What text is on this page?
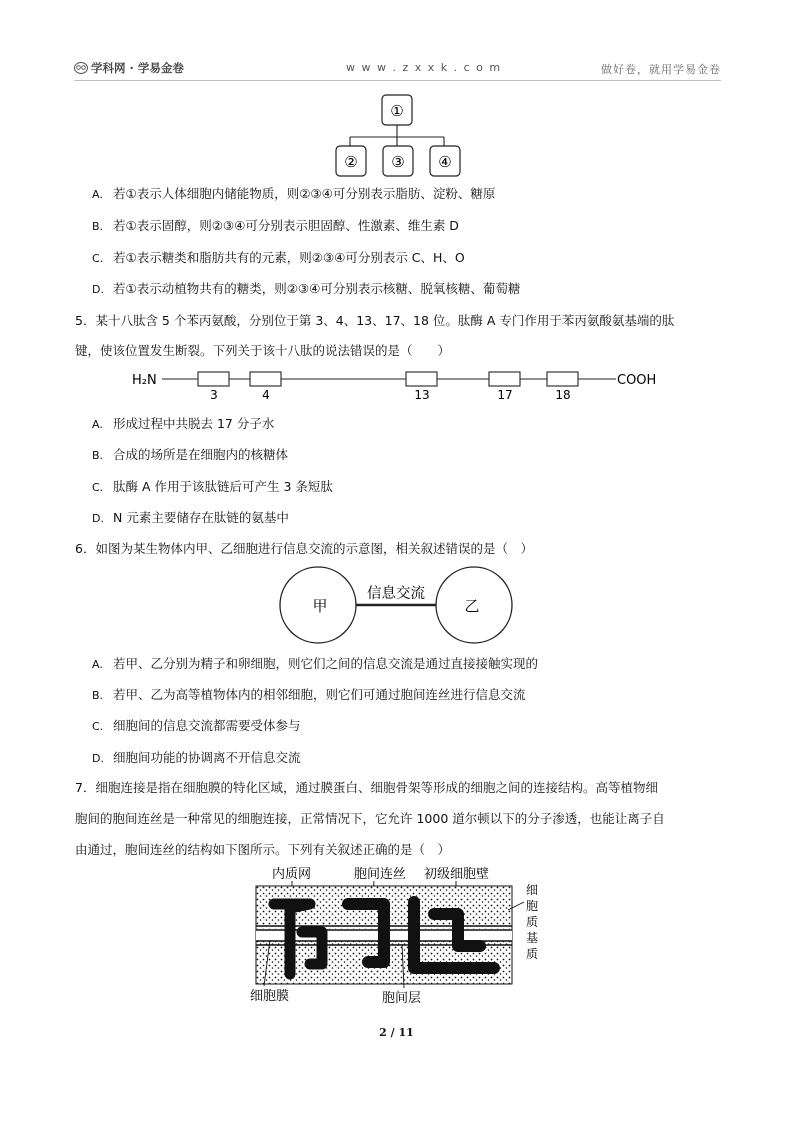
学科网 · 学易金卷	w w w . z x x k . c o m	做好卷，就用学易金卷
①
② ③ ④
A. 若①表示人体细胞内储能物质，则②③④可分别表示脂肪、淀粉、糖原
B. 若①表示固醇，则②③④可分别表示胆固醇、性激素、维生素 D
C. 若①表示糖类和脂肪共有的元素，则②③④可分别表示 C、H、O
D. 若①表示动植物共有的糖类，则②③④可分别表示核糖、脱氧核糖、葡萄糖
5．某十八肽含 5 个苯丙氨酸，分别位于第 3、4、13、17、18 位。肽酶 A 专门作用于苯丙氨酸氨基端的肽
键，使该位置发生断裂。下列关于该十八肽的说法错误的是（　　）
H₂N	COOH
3	4	13	17	18
A. 形成过程中共脱去 17 分子水
B. 合成的场所是在细胞内的核糖体
C. 肽酶 A 作用于该肽链后可产生 3 条短肽
D. N 元素主要储存在肽链的氨基中
6．如图为某生物体内甲、乙细胞进行信息交流的示意图，相关叙述错误的是（　）
甲	乙
信息交流
A. 若甲、乙分别为精子和卵细胞，则它们之间的信息交流是通过直接接触实现的
B. 若甲、乙为高等植物体内的相邻细胞，则它们可通过胞间连丝进行信息交流
C. 细胞间的信息交流都需要受体参与
D. 细胞间功能的协调离不开信息交流
7．细胞连接是指在细胞膜的特化区域，通过膜蛋白、细胞骨架等形成的细胞之间的连接结构。高等植物细
胞间的胞间连丝是一种常见的细胞连接，正常情况下，它允许 1000 道尔顿以下的分子渗透，也能让离子自
由通过，胞间连丝的结构如下图所示。下列有关叙述正确的是（　）
内质网	胞间连丝 初级细胞壁
细
胞
质
基
质
细胞膜	胞间层
2 / 11
